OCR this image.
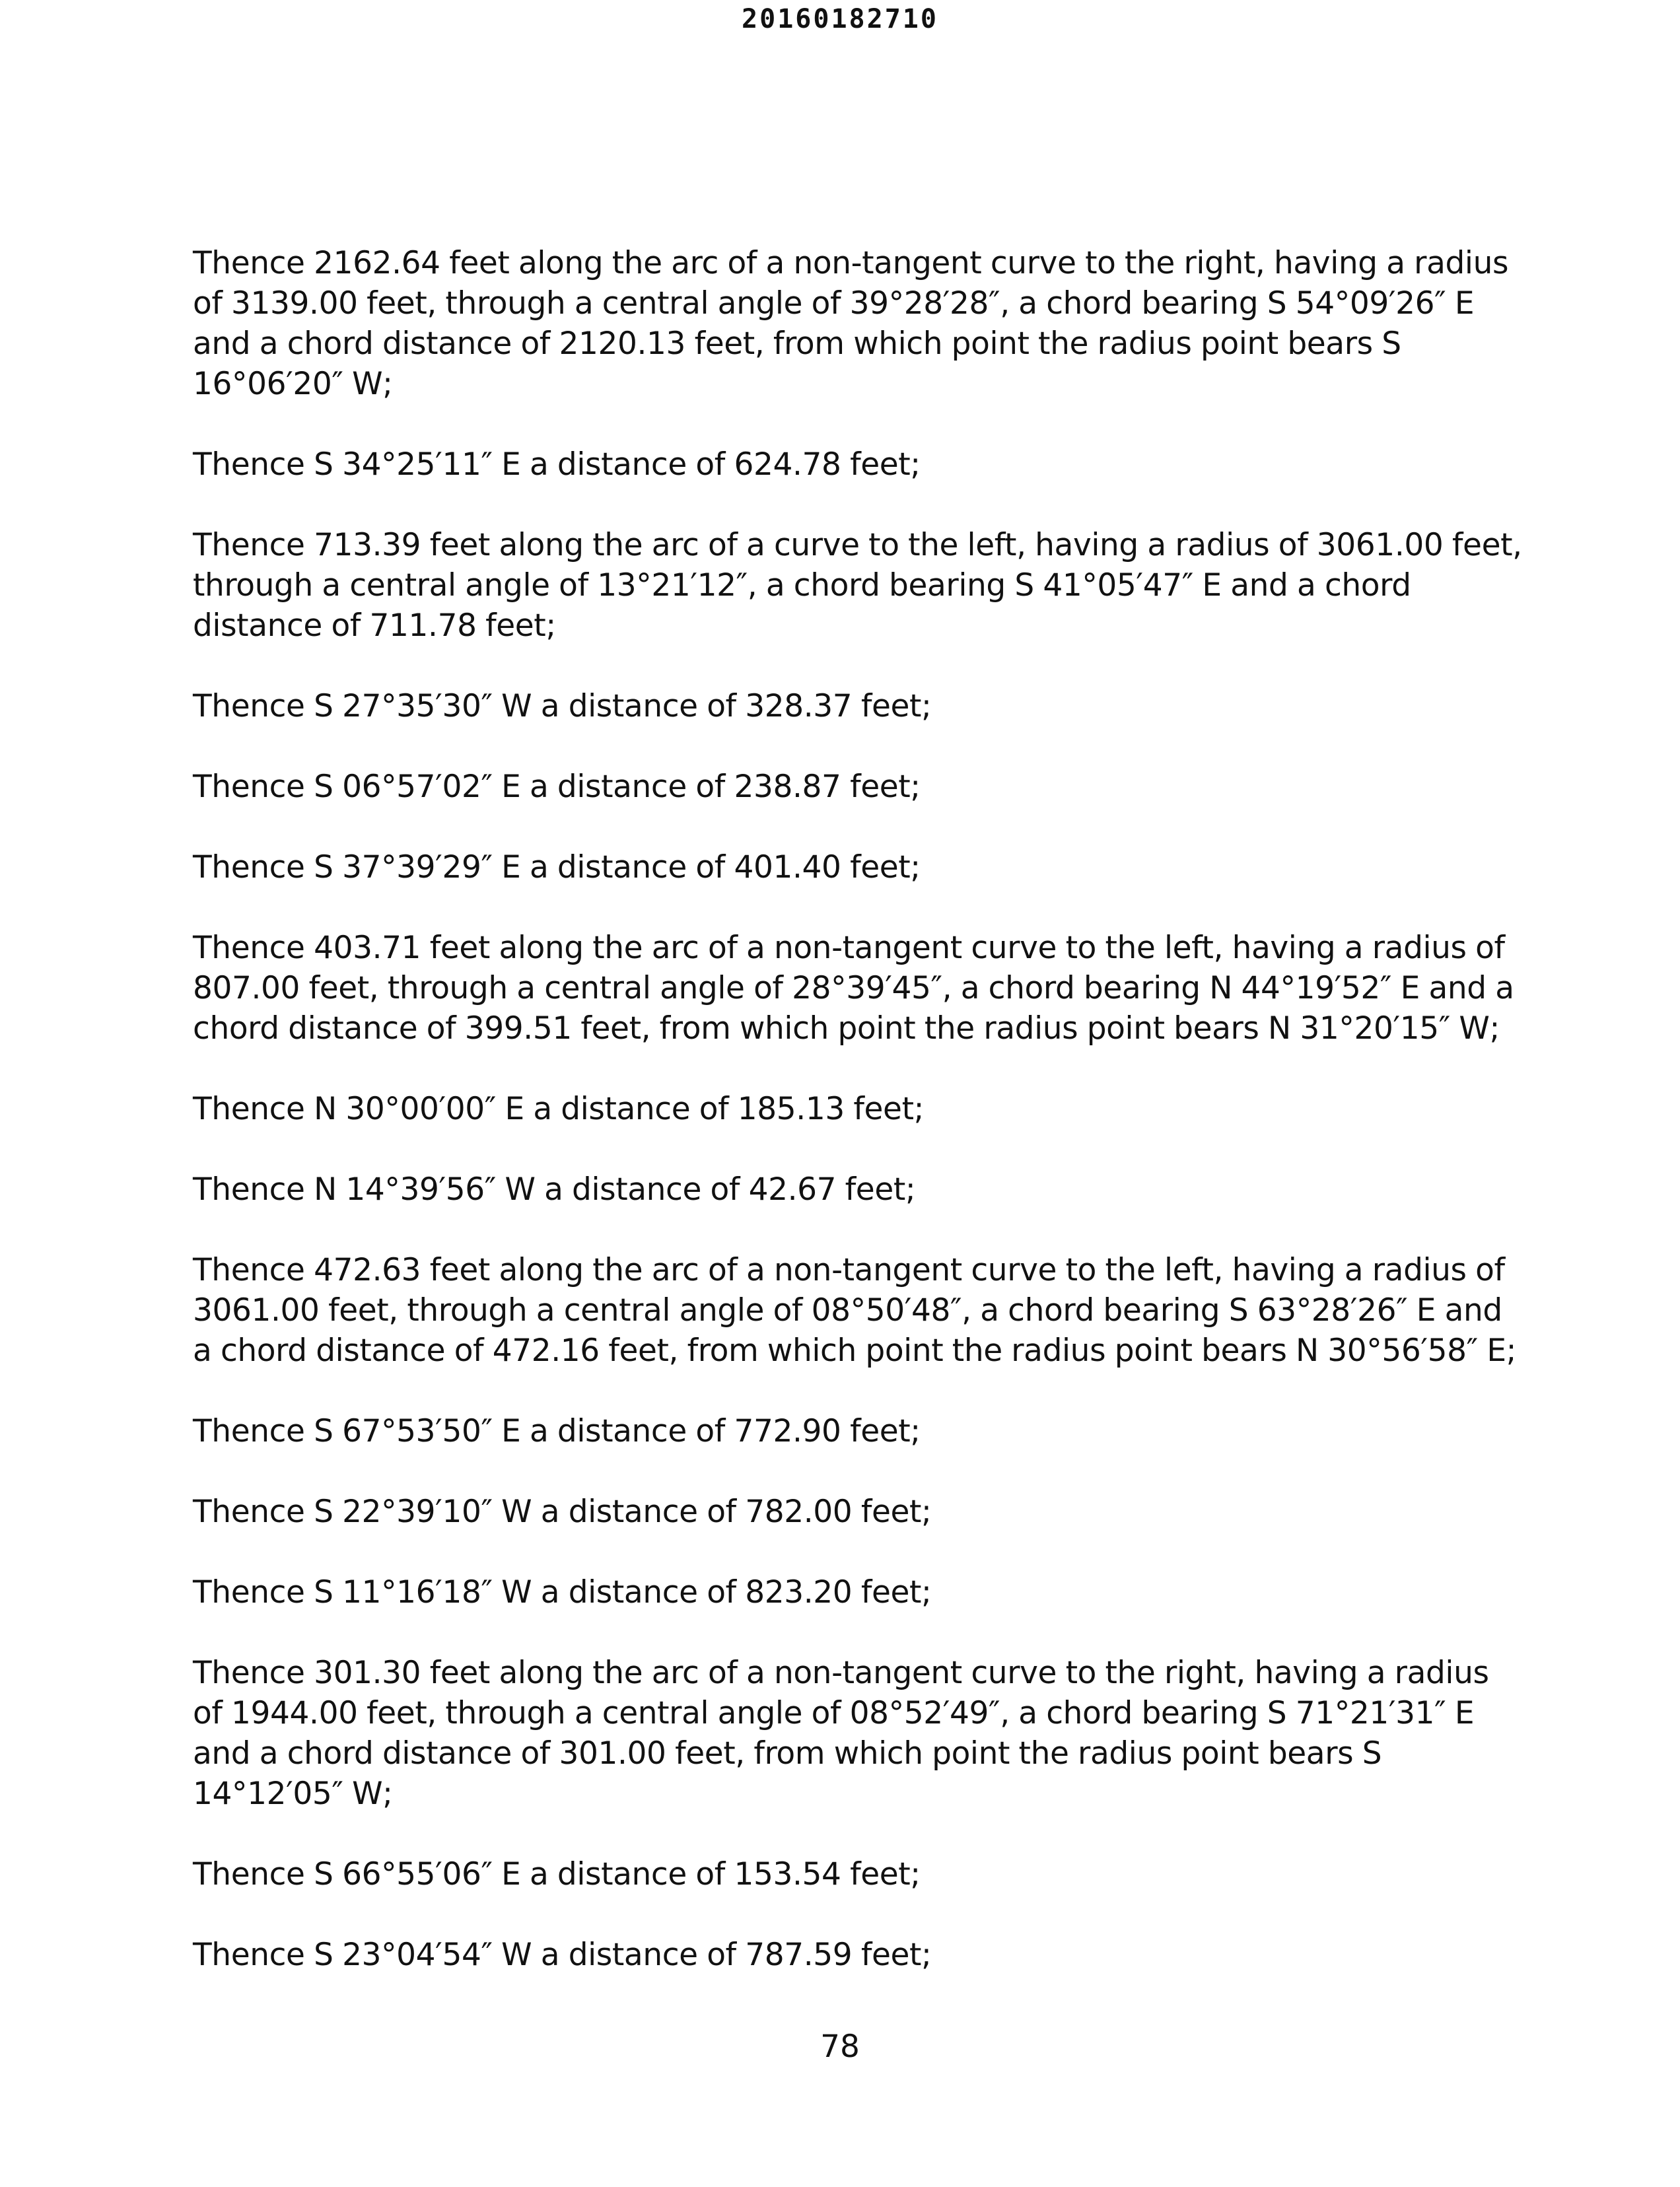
20160182710

Thence 2162.64 feet along the arc of a non-tangent curve to the right, having a radius of 3139.00 feet, through a central angle of 39°28′28″, a chord bearing S 54°09′26″ E and a chord distance of 2120.13 feet, from which point the radius point bears S 16°06′20″ W;

Thence S 34°25′11″ E a distance of 624.78 feet;

Thence 713.39 feet along the arc of a curve to the left, having a radius of 3061.00 feet, through a central angle of 13°21′12″, a chord bearing S 41°05′47″ E and a chord distance of 711.78 feet;

Thence S 27°35′30″ W a distance of 328.37 feet;

Thence S 06°57′02″ E a distance of 238.87 feet;

Thence S 37°39′29″ E a distance of 401.40 feet;

Thence 403.71 feet along the arc of a non-tangent curve to the left, having a radius of 807.00 feet, through a central angle of 28°39′45″, a chord bearing N 44°19′52″ E and a chord distance of 399.51 feet, from which point the radius point bears N 31°20′15″ W;

Thence N 30°00′00″ E a distance of 185.13 feet;

Thence N 14°39′56″ W a distance of 42.67 feet;

Thence 472.63 feet along the arc of a non-tangent curve to the left, having a radius of 3061.00 feet, through a central angle of 08°50′48″, a chord bearing S 63°28′26″ E and a chord distance of 472.16 feet, from which point the radius point bears N 30°56′58″ E;

Thence S 67°53′50″ E a distance of 772.90 feet;

Thence S 22°39′10″ W a distance of 782.00 feet;

Thence S 11°16′18″ W a distance of 823.20 feet;

Thence 301.30 feet along the arc of a non-tangent curve to the right, having a radius of 1944.00 feet, through a central angle of 08°52′49″, a chord bearing S 71°21′31″ E and a chord distance of 301.00 feet, from which point the radius point bears S 14°12′05″ W;

Thence S 66°55′06″ E a distance of 153.54 feet;

Thence S 23°04′54″ W a distance of 787.59 feet;

78
